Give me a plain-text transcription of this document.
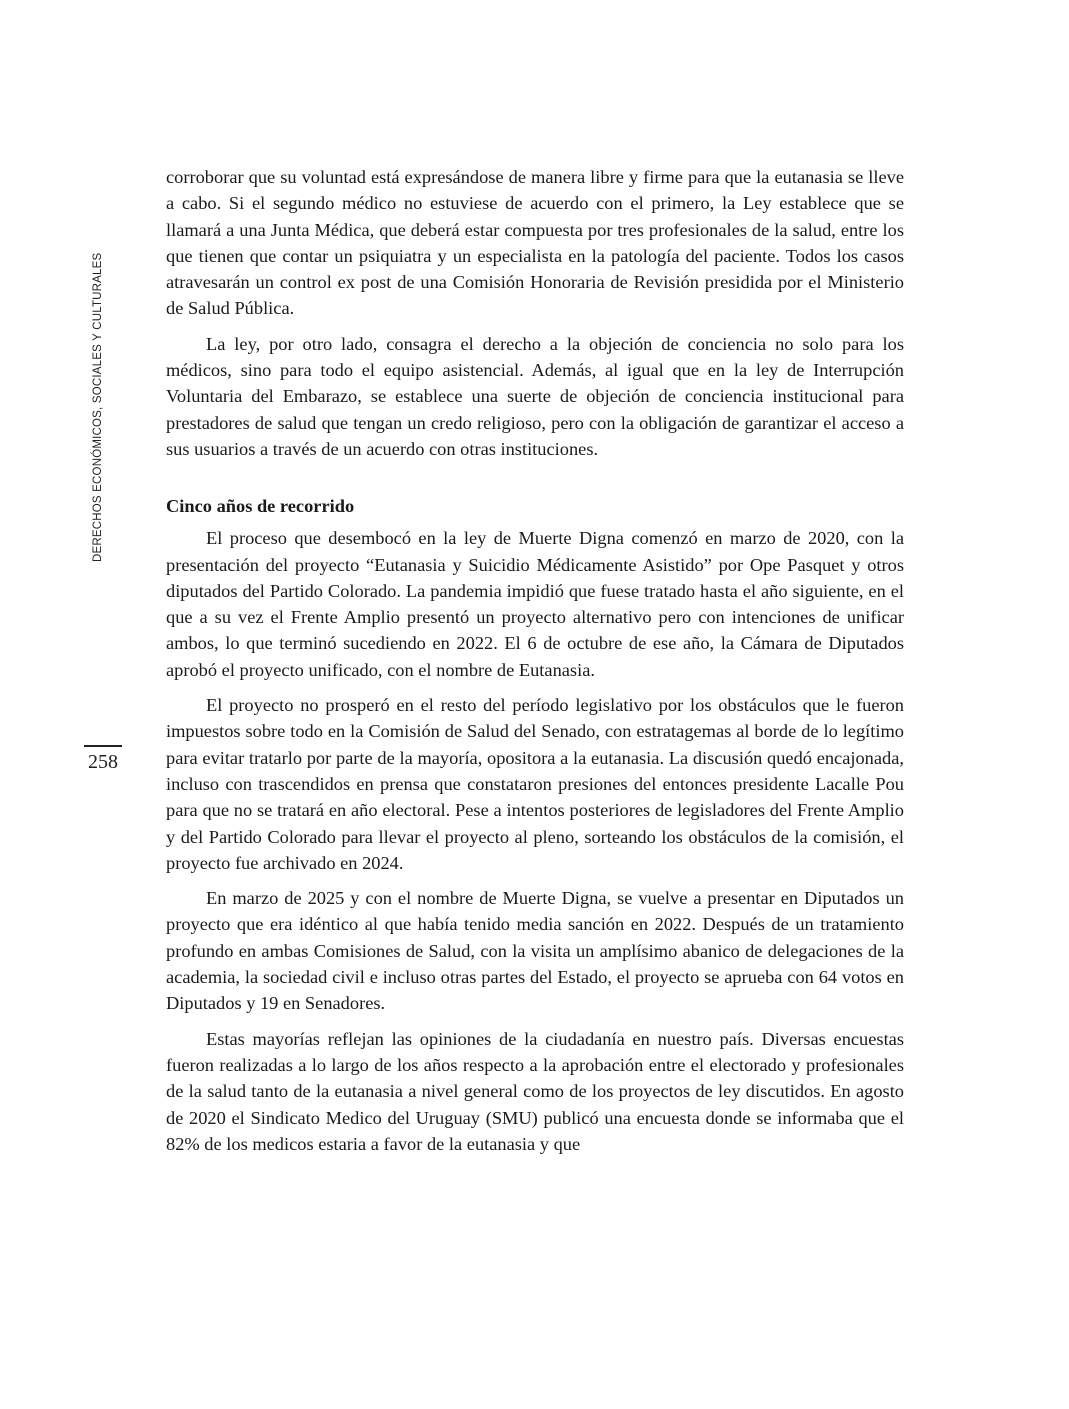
DERECHOS ECONÓMICOS, SOCIALES Y CULTURALES
258

corroborar que su voluntad está expresándose de manera libre y firme para que la eutanasia se lleve a cabo. Si el segundo médico no estuviese de acuerdo con el primero, la Ley establece que se llamará a una Junta Médica, que deberá estar compuesta por tres profesionales de la salud, entre los que tienen que contar un psiquiatra y un especialista en la patología del paciente. Todos los casos atravesarán un control ex post de una Comisión Honoraria de Revisión presidida por el Ministerio de Salud Pública.

La ley, por otro lado, consagra el derecho a la objeción de conciencia no solo para los médicos, sino para todo el equipo asistencial. Además, al igual que en la ley de Interrupción Voluntaria del Embarazo, se establece una suerte de objeción de conciencia institucional para prestadores de salud que tengan un credo religioso, pero con la obligación de garantizar el acceso a sus usuarios a través de un acuerdo con otras instituciones.

Cinco años de recorrido

El proceso que desembocó en la ley de Muerte Digna comenzó en marzo de 2020, con la presentación del proyecto “Eutanasia y Suicidio Médicamente Asistido” por Ope Pasquet y otros diputados del Partido Colorado. La pandemia impidió que fuese tratado hasta el año siguiente, en el que a su vez el Frente Amplio presentó un proyecto alternativo pero con intenciones de unificar ambos, lo que terminó sucediendo en 2022. El 6 de octubre de ese año, la Cámara de Diputados aprobó el proyecto unificado, con el nombre de Eutanasia.

El proyecto no prosperó en el resto del período legislativo por los obstáculos que le fueron impuestos sobre todo en la Comisión de Salud del Senado, con estratagemas al borde de lo legítimo para evitar tratarlo por parte de la mayoría, opositora a la eutanasia. La discusión quedó encajonada, incluso con trascendidos en prensa que constataron presiones del entonces presidente Lacalle Pou para que no se tratará en año electoral. Pese a intentos posteriores de legisladores del Frente Amplio y del Partido Colorado para llevar el proyecto al pleno, sorteando los obstáculos de la comisión, el proyecto fue archivado en 2024.

En marzo de 2025 y con el nombre de Muerte Digna, se vuelve a presentar en Diputados un proyecto que era idéntico al que había tenido media sanción en 2022. Después de un tratamiento profundo en ambas Comisiones de Salud, con la visita un amplísimo abanico de delegaciones de la academia, la sociedad civil e incluso otras partes del Estado, el proyecto se aprueba con 64 votos en Diputados y 19 en Senadores.

Estas mayorías reflejan las opiniones de la ciudadanía en nuestro país. Diversas encuestas fueron realizadas a lo largo de los años respecto a la aprobación entre el electorado y profesionales de la salud tanto de la eutanasia a nivel general como de los proyectos de ley discutidos. En agosto de 2020 el Sindicato Medico del Uruguay (SMU) publicó una encuesta donde se informaba que el 82% de los medicos estaria a favor de la eutanasia y que
